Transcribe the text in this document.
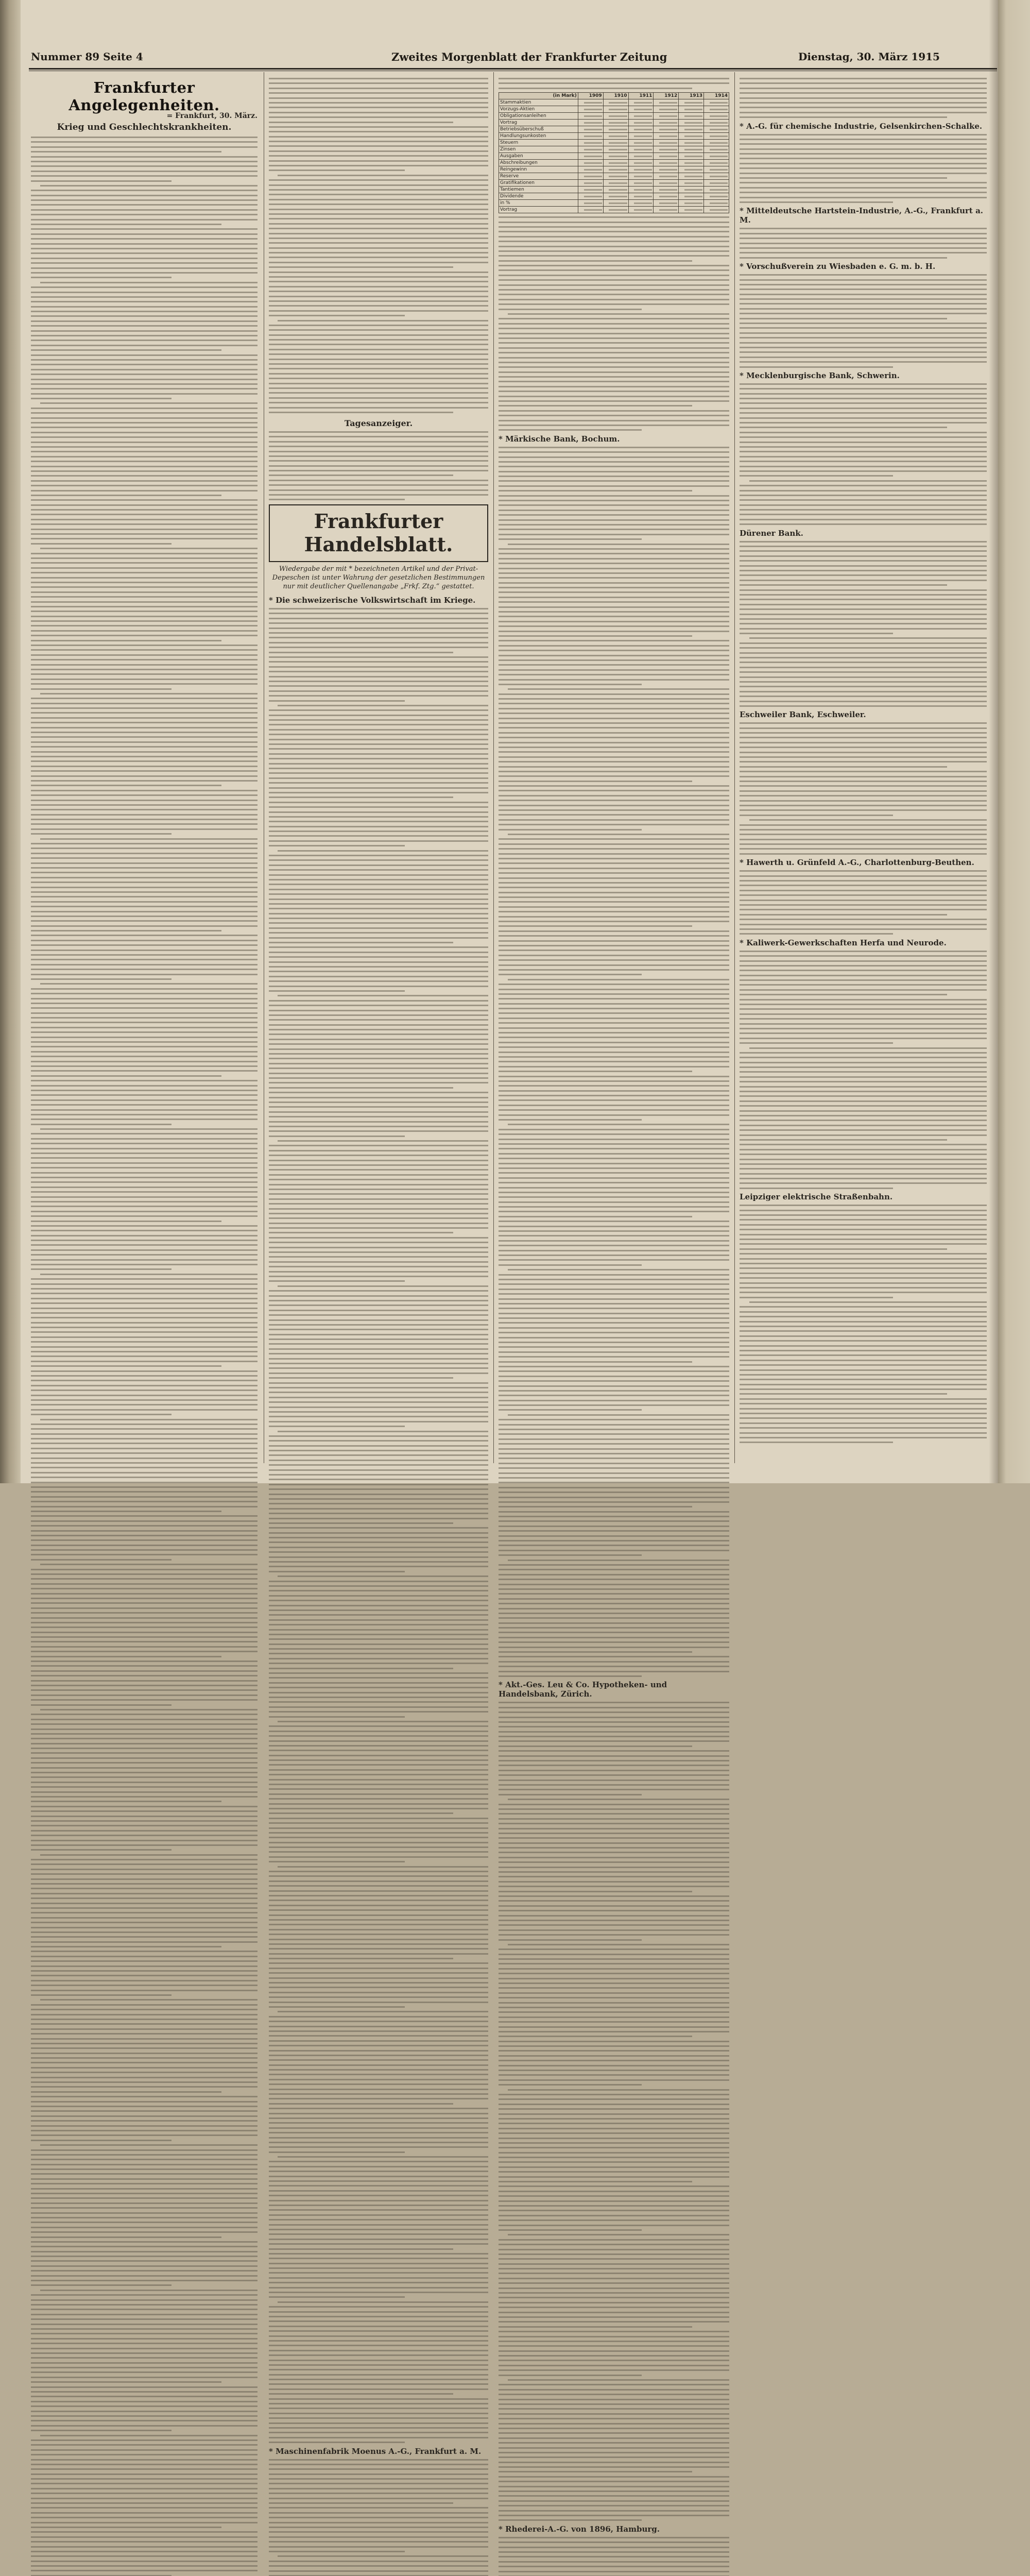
Nummer 89 Seite 4	Zweites Morgenblatt der Frankfurter Zeitung	Dienstag, 30. März 1915
Frankfurter Angelegenheiten.
= Frankfurt, 30. März.
Krieg und Geschlechtskrankheiten.
Tagesanzeiger.
Frankfurter Handelsblatt.
Wiedergabe der mit * bezeichneten Artikel und der Privat-Depeschen ist unter Wahrung der gesetzlichen Bestimmungen nur mit deutlicher Quellenangabe „Frkf. Ztg.“ gestattet.
* Die schweizerische Volkswirtschaft im Kriege.
* Maschinenfabrik Moenus A.-G., Frankfurt a. M.
(in Mark)	1909	1910	1911	1912	1913	1914
Stammaktien	

Vorzugs-Aktien	

Obligationsanleihen	

Vortrag	

Betriebsüberschuß	

Handlungsunkosten	

Steuern	

Zinsen	

Ausgaben	

Abschreibungen	

Reingewinn	

Reserve	

Gratifikationen	

Tantiemen	

Dividende	

in %	

Vortrag	

* Märkische Bank, Bochum.
* Akt.-Ges. Leu & Co. Hypotheken- und Handelsbank, Zürich.
* Rhederei-A.-G. von 1896, Hamburg.
* A.-G. für chemische Industrie, Gelsenkirchen-Schalke.
* Mitteldeutsche Hartstein-Industrie, A.-G., Frankfurt a. M.
* Vorschußverein zu Wiesbaden e. G. m. b. H.
* Mecklenburgische Bank, Schwerin.
Dürener Bank.
Eschweiler Bank, Eschweiler.
* Hawerth u. Grünfeld A.-G., Charlottenburg-Beuthen.
* Kaliwerk-Gewerkschaften Herfa und Neurode.
Leipziger elektrische Straßenbahn.
